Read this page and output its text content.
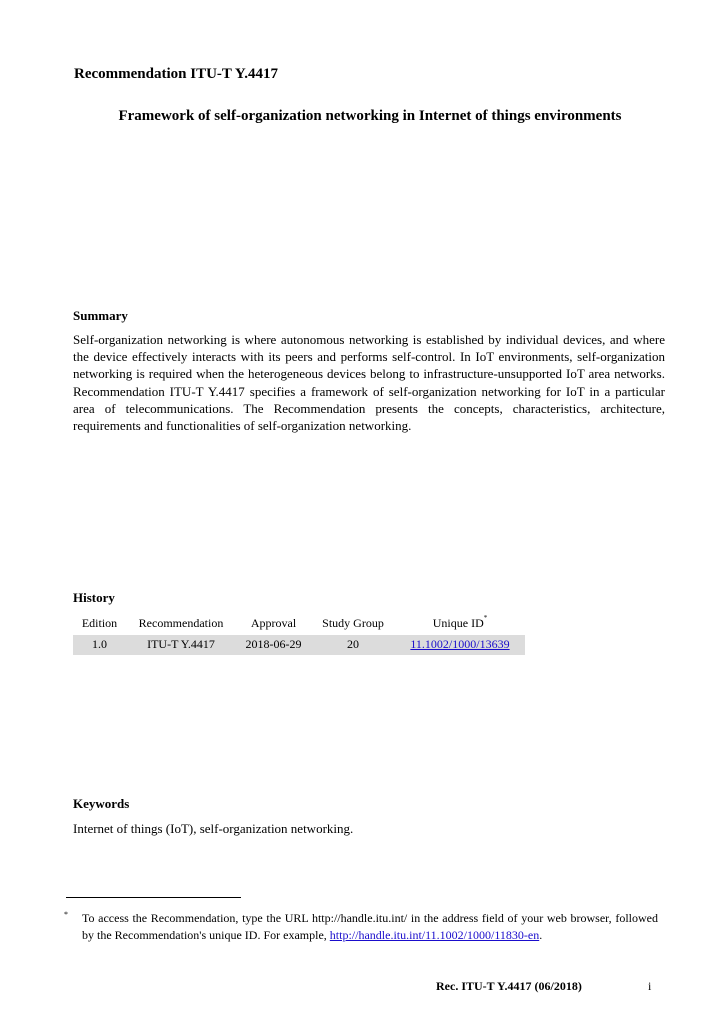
Recommendation ITU-T Y.4417
Framework of self-organization networking in Internet of things environments
Summary
Self-organization networking is where autonomous networking is established by individual devices, and where the device effectively interacts with its peers and performs self-control. In IoT environments, self-organization networking is required when the heterogeneous devices belong to infrastructure-unsupported IoT area networks. Recommendation ITU-T Y.4417 specifies a framework of self-organization networking for IoT in a particular area of telecommunications. The Recommendation presents the concepts, characteristics, architecture, requirements and functionalities of self-organization networking.
History
Edition	Recommendation	Approval	Study Group	Unique ID*
1.0	ITU-T Y.4417	2018-06-29	20	11.1002/1000/13639
Keywords
Internet of things (IoT), self-organization networking.
* To access the Recommendation, type the URL http://handle.itu.int/ in the address field of your web browser, followed by the Recommendation's unique ID. For example, http://handle.itu.int/11.1002/1000/11830-en.
Rec. ITU-T Y.4417 (06/2018)	i
